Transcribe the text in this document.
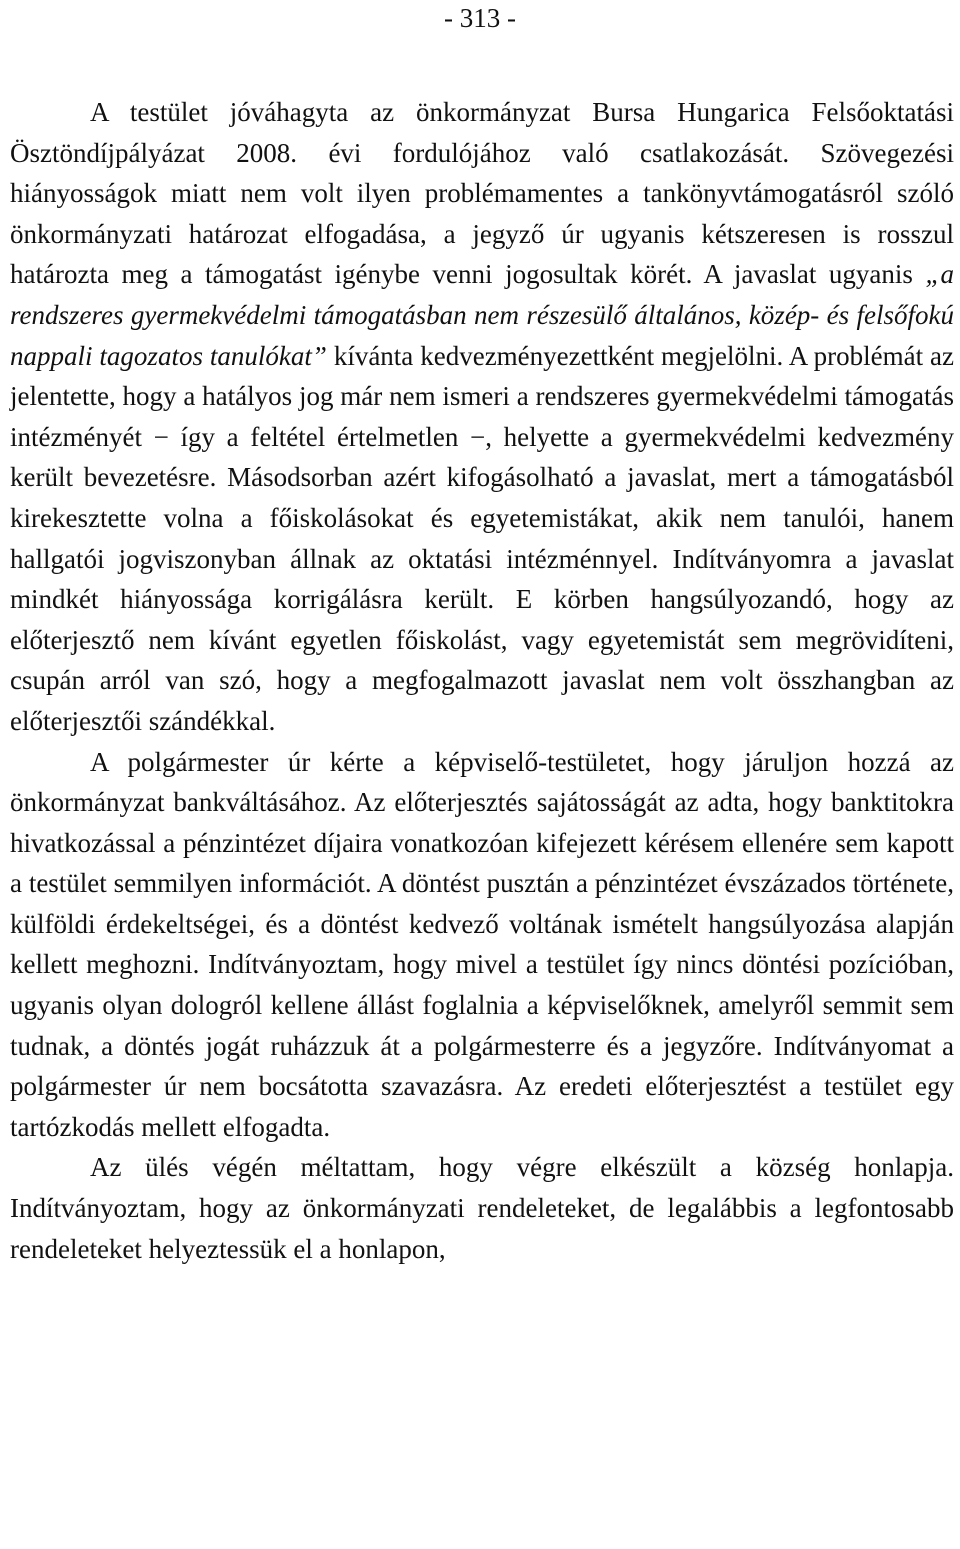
- 313 -

A testület jóváhagyta az önkormányzat Bursa Hungarica Felsőoktatási Ösztöndíjpályázat 2008. évi fordulójához való csatlakozását. Szövegezési hiányosságok miatt nem volt ilyen problémamentes a tankönyvtámogatásról szóló önkormányzati határozat elfogadása, a jegyző úr ugyanis kétszeresen is rosszul határozta meg a támogatást igénybe venni jogosultak körét. A javaslat ugyanis „a rendszeres gyermekvédelmi támogatásban nem részesülő általános, közép- és felsőfokú nappali tagozatos tanulókat” kívánta kedvezményezettként megjelölni. A problémát az jelentette, hogy a hatályos jog már nem ismeri a rendszeres gyermekvédelmi támogatás intézményét − így a feltétel értelmetlen −, helyette a gyermekvédelmi kedvezmény került bevezetésre. Másodsorban azért kifogásolható a javaslat, mert a támogatásból kirekesztette volna a főiskolásokat és egyetemistákat, akik nem tanulói, hanem hallgatói jogviszonyban állnak az oktatási intézménnyel. Indítványomra a javaslat mindkét hiányossága korrigálásra került. E körben hangsúlyozandó, hogy az előterjesztő nem kívánt egyetlen főiskolást, vagy egyetemistát sem megrövidíteni, csupán arról van szó, hogy a megfogalmazott javaslat nem volt összhangban az előterjesztői szándékkal.

A polgármester úr kérte a képviselő-testületet, hogy járuljon hozzá az önkormányzat bankváltásához. Az előterjesztés sajátosságát az adta, hogy banktitokra hivatkozással a pénzintézet díjaira vonatkozóan kifejezett kérésem ellenére sem kapott a testület semmilyen információt. A döntést pusztán a pénzintézet évszázados története, külföldi érdekeltségei, és a döntést kedvező voltának ismételt hangsúlyozása alapján kellett meghozni. Indítványoztam, hogy mivel a testület így nincs döntési pozícióban, ugyanis olyan dologról kellene állást foglalnia a képviselőknek, amelyről semmit sem tudnak, a döntés jogát ruházzuk át a polgármesterre és a jegyzőre. Indítványomat a polgármester úr nem bocsátotta szavazásra. Az eredeti előterjesztést a testület egy tartózkodás mellett elfogadta.

Az ülés végén méltattam, hogy végre elkészült a község honlapja. Indítványoztam, hogy az önkormányzati rendeleteket, de legalábbis a legfontosabb rendeleteket helyeztessük el a honlapon,
